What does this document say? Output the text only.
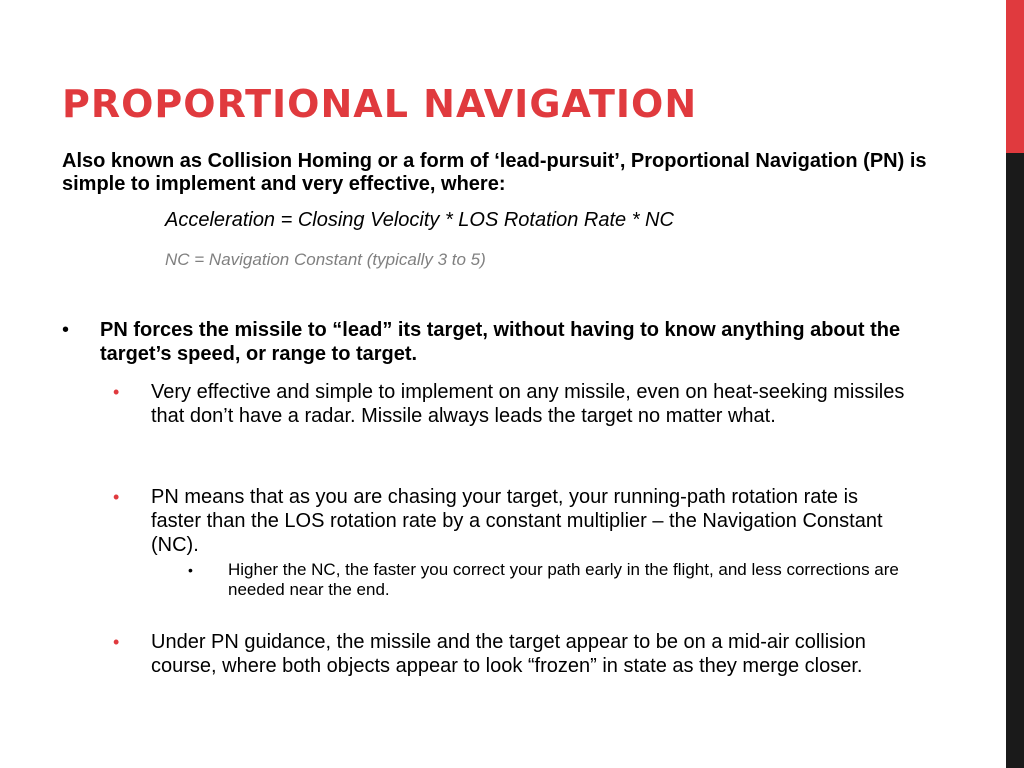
PROPORTIONAL NAVIGATION

Also known as Collision Homing or a form of ‘lead-pursuit’, Proportional Navigation (PN) is simple to implement and very effective, where:

Acceleration = Closing Velocity * LOS Rotation Rate * NC

NC = Navigation Constant (typically 3 to 5)

• PN forces the missile to “lead” its target, without having to know anything about the target’s speed, or range to target.
• Very effective and simple to implement on any missile, even on heat-seeking missiles that don’t have a radar. Missile always leads the target no matter what.
• PN means that as you are chasing your target, your running-path rotation rate is faster than the LOS rotation rate by a constant multiplier – the Navigation Constant (NC).
• Higher the NC, the faster you correct your path early in the flight, and less corrections are needed near the end.
• Under PN guidance, the missile and the target appear to be on a mid-air collision course, where both objects appear to look “frozen” in state as they merge closer.
